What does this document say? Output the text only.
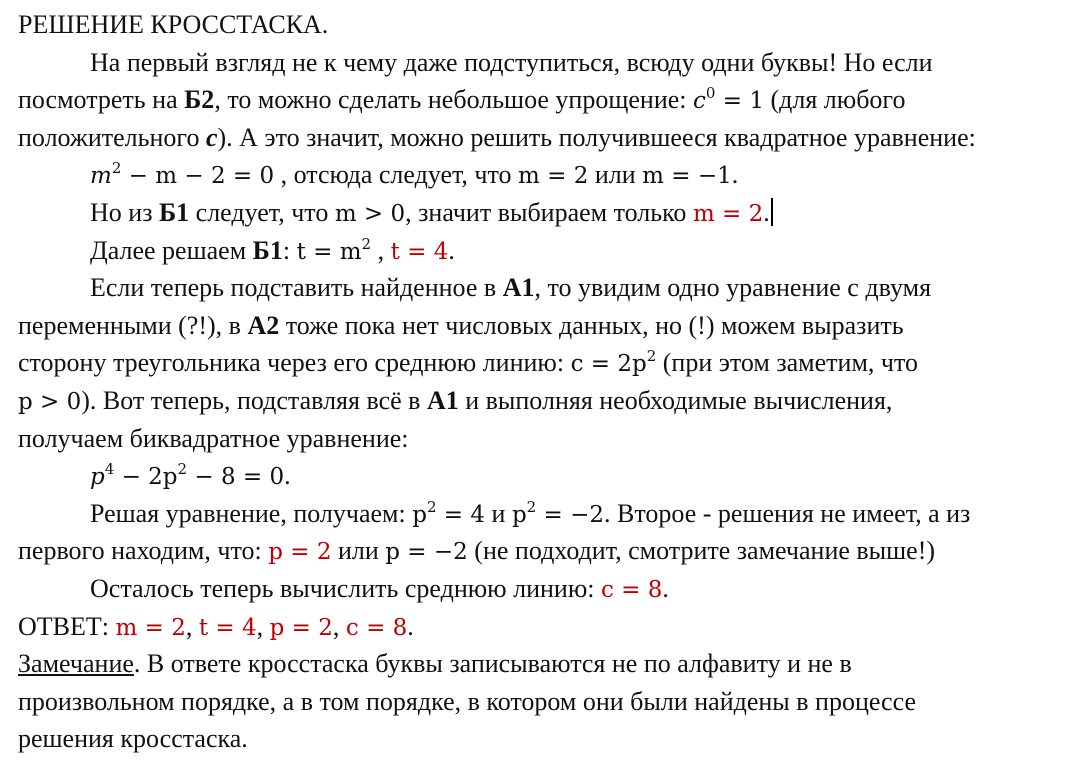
РЕШЕНИЕ КРОССТАСКА.
На первый взгляд не к чему даже подступиться, всюду одни буквы! Но если
посмотреть на Б2, то можно сделать небольшое упрощение: $c^0 = 1$ (для любого
положительного c). А это значит, можно решить получившееся квадратное уравнение:
$m^2 - m - 2 = 0$ , отсюда следует, что m = 2 или m = −1.
Но из Б1 следует, что m > 0, значит выбираем только m = 2.
Далее решаем Б1: $t = m^2$ , t = 4.
Если теперь подставить найденное в А1, то увидим одно уравнение с двумя
переменными (?!), в А2 тоже пока нет числовых данных, но (!) можем выразить
сторону треугольника через его среднюю линию: $c = 2p^2$ (при этом заметим, что
p > 0). Вот теперь, подставляя всё в А1 и выполняя необходимые вычисления,
получаем биквадратное уравнение:
$p^4 - 2p^2 - 8 = 0$.
Решая уравнение, получаем: $p^2 = 4$ и $p^2 = -2$. Второе - решения не имеет, а из
первого находим, что: p = 2 или p = −2 (не подходит, смотрите замечание выше!)
Осталось теперь вычислить среднюю линию: c = 8.
ОТВЕТ: m = 2, t = 4, p = 2, c = 8.
Замечание. В ответе кросстаска буквы записываются не по алфавиту и не в
произвольном порядке, а в том порядке, в котором они были найдены в процессе
решения кросстаска.
